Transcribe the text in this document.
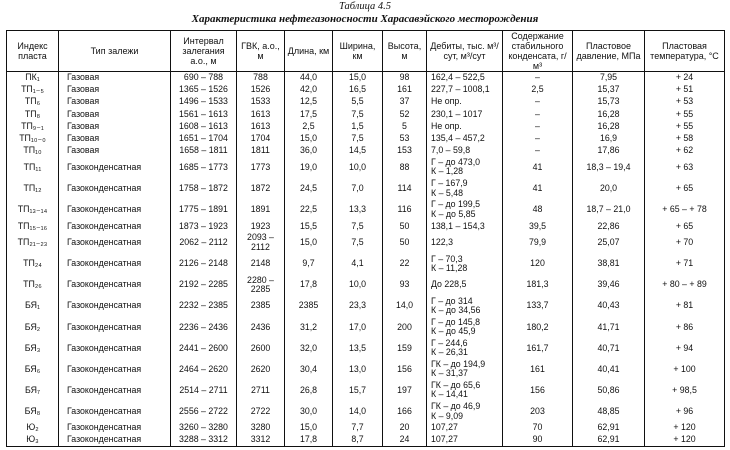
Таблица 4.5
Характеристика нефтегазоносности Харасавэйского месторождения
Индекс пласта	Тип залежи	Интервал залегания а.о., м	ГВК, а.о., м	Длина, км	Ширина, км	Высота, м	Дебиты, тыс. м³/сут, м³/сут	Содержание стабильного конденсата, г/м³	Пластовое давление, МПа	Пластовая температура, °С
ПК₁	Газовая	690 – 788	788	44,0	15,0	98	162,4 – 522,5	–	7,95	+ 24

ТП₁₋₅	Газовая	1365 – 1526	1526	42,0	16,5	161	227,7 – 1008,1	2,5	15,37	+ 51

ТП₆	Газовая	1496 – 1533	1533	12,5	5,5	37	Не опр.	–	15,73	+ 53

ТП₈	Газовая	1561 – 1613	1613	17,5	7,5	52	230,1 – 1017	–	16,28	+ 55

ТП₉₋₁	Газовая	1608 – 1613	1613	2,5	1,5	5	Не опр.	–	16,28	+ 55

ТП₁₀₋₀	Газовая	1651 – 1704	1704	15,0	7,5	53	135,4 – 457,2	–	16,9	+ 58

ТП₁₀	Газовая	1658 – 1811	1811	36,0	14,5	153	7,0 – 59,8	–	17,86	+ 62

ТП₁₁	Газоконденсатная	1685 – 1773	1773	19,0	10,0	88	Г – до 473,0
К – 1,28	41	18,3 – 19,4	+ 63

ТП₁₂	Газоконденсатная	1758 – 1872	1872	24,5	7,0	114	Г – 167,9
К – 5,48	41	20,0	+ 65

ТП₁₃₋₁₄	Газоконденсатная	1775 – 1891	1891	22,5	13,3	116	Г – до 199,5
К – до 5,85	48	18,7 – 21,0	+ 65 – + 78

ТП₁₅₋₁₆	Газоконденсатная	1873 – 1923	1923	15,5	7,5	50	138,1 – 154,3	39,5	22,86	+ 65

ТП₂₁₋₂₃	Газоконденсатная	2062 – 2112	2093 –
2112	15,0	7,5	50	122,3	79,9	25,07	+ 70

ТП₂₄	Газоконденсатная	2126 – 2148	2148	9,7	4,1	22	Г – 70,3
К – 11,28	120	38,81	+ 71

ТП₂₆	Газоконденсатная	2192 – 2285	2280 –
2285	17,8	10,0	93	До 228,5	181,3	39,46	+ 80 – + 89

БЯ₁	Газоконденсатная	2232 – 2385	2385	2385	23,3	14,0	Г – до 314
К – до 34,56	133,7	40,43	+ 81

БЯ₂	Газоконденсатная	2236 – 2436	2436	31,2	17,0	200	Г – до 145,8
К – до 45,9	180,2	41,71	+ 86

БЯ₃	Газоконденсатная	2441 – 2600	2600	32,0	13,5	159	Г – 244,6
К – 26,31	161,7	40,71	+ 94

БЯ₆	Газоконденсатная	2464 – 2620	2620	30,4	13,0	156	ГК – до 194,9
К – 31,37	161	40,41	+ 100

БЯ₇	Газоконденсатная	2514 – 2711	2711	26,8	15,7	197	ГК – до 65,6
К – 14,41	156	50,86	+ 98,5

БЯ₈	Газоконденсатная	2556 – 2722	2722	30,0	14,0	166	ГК – до 46,9
К – 9,09	203	48,85	+ 96

Ю₂	Газоконденсатная	3260 – 3280	3280	15,0	7,7	20	107,27	70	62,91	+ 120

Ю₃	Газоконденсатная	3288 – 3312	3312	17,8	8,7	24	107,27	90	62,91	+ 120
